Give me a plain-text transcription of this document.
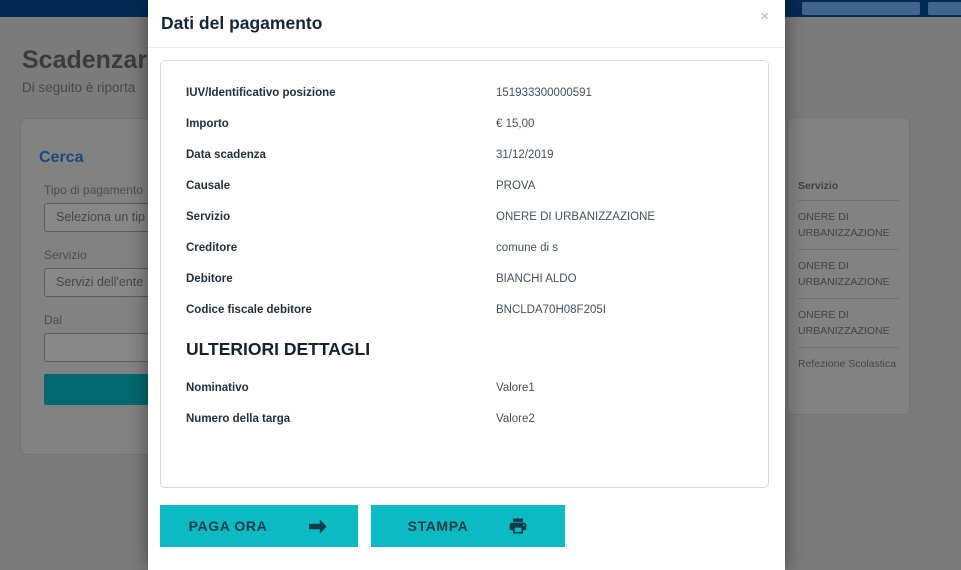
Scadenzar
Di seguito è riporta
Cerca
Tipo di pagamento
Seleziona un tip
Servizio
Servizi dell'ente
Dal
Servizio
ONERE DI URBANIZZAZIONE
ONERE DI URBANIZZAZIONE
ONERE DI URBANIZZAZIONE
Refezione Scolastica
Dati del pagamento	×
IUV/Identificativo posizione	151933300000591
Importo	€ 15,00
Data scadenza	31/12/2019
Causale	PROVA
Servizio	ONERE DI URBANIZZAZIONE
Creditore	comune di s
Debitore	BIANCHI ALDO
Codice fiscale debitore	BNCLDA70H08F205I
ULTERIORI DETTAGLI
Nominativo	Valore1
Numero della targa	Valore2
PAGA ORA	STAMPA
